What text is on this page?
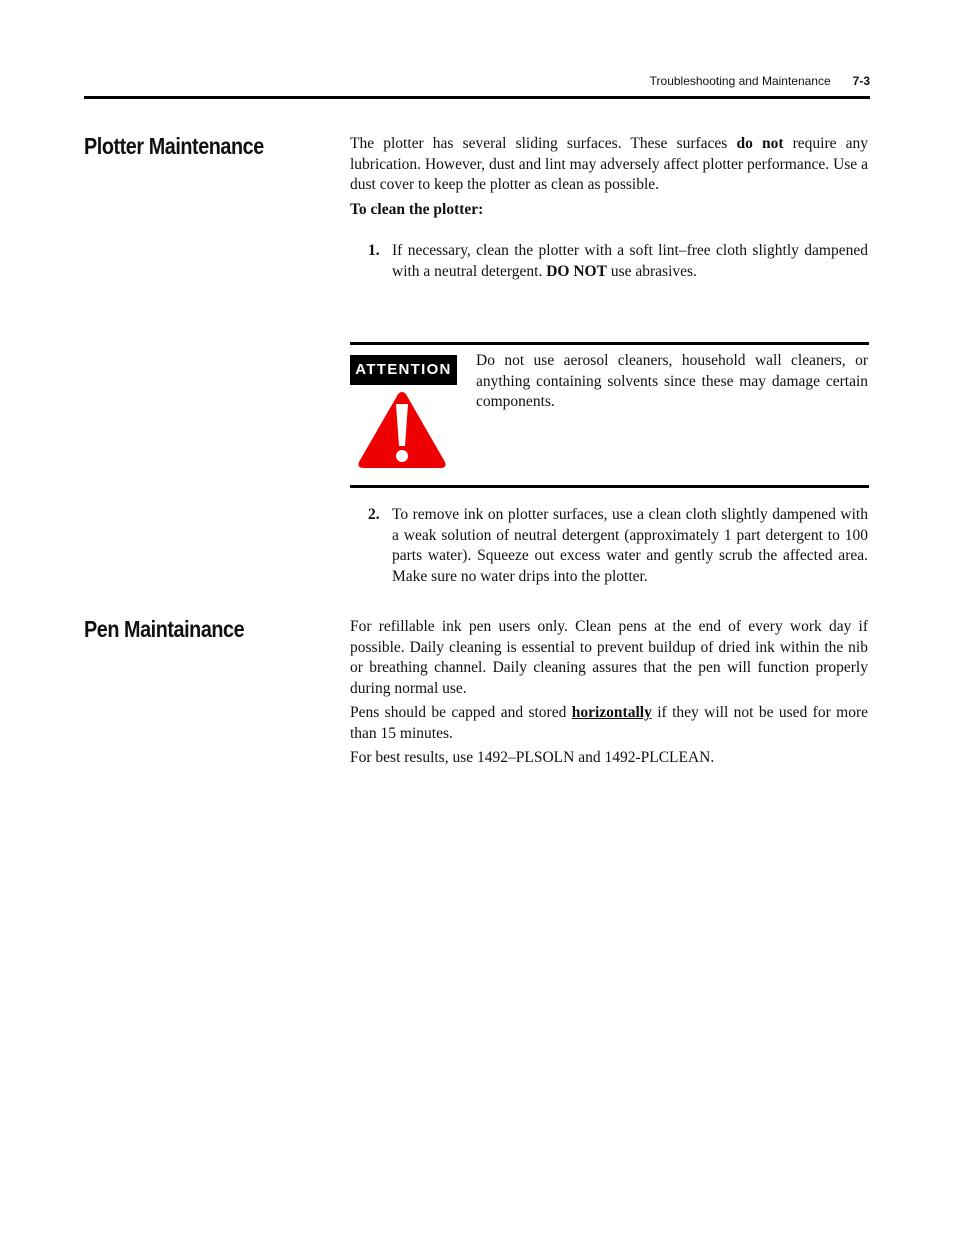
Troubleshooting and Maintenance 7-3
Plotter Maintenance	The plotter has several sliding surfaces. These surfaces do not require any lubrication. However, dust and lint may adversely affect plotter performance. Use a dust cover to keep the plotter as clean as possible.

To clean the plotter:

1. If necessary, clean the plotter with a soft lint–free cloth slightly dampened with a neutral detergent. DO NOT use abrasives.
ATTENTION

Do not use aerosol cleaners, household wall cleaners, or anything containing solvents since these may damage certain components.

2. To remove ink on plotter surfaces, use a clean cloth slightly dampened with a weak solution of neutral detergent (approximately 1 part detergent to 100 parts water). Squeeze out excess water and gently scrub the affected area. Make sure no water drips into the plotter.
Pen Maintainance	For refillable ink pen users only. Clean pens at the end of every work day if possible. Daily cleaning is essential to prevent buildup of dried ink within the nib or breathing channel. Daily cleaning assures that the pen will function properly during normal use.

Pens should be capped and stored horizontally if they will not be used for more than 15 minutes.

For best results, use 1492–PLSOLN and 1492-PLCLEAN.
